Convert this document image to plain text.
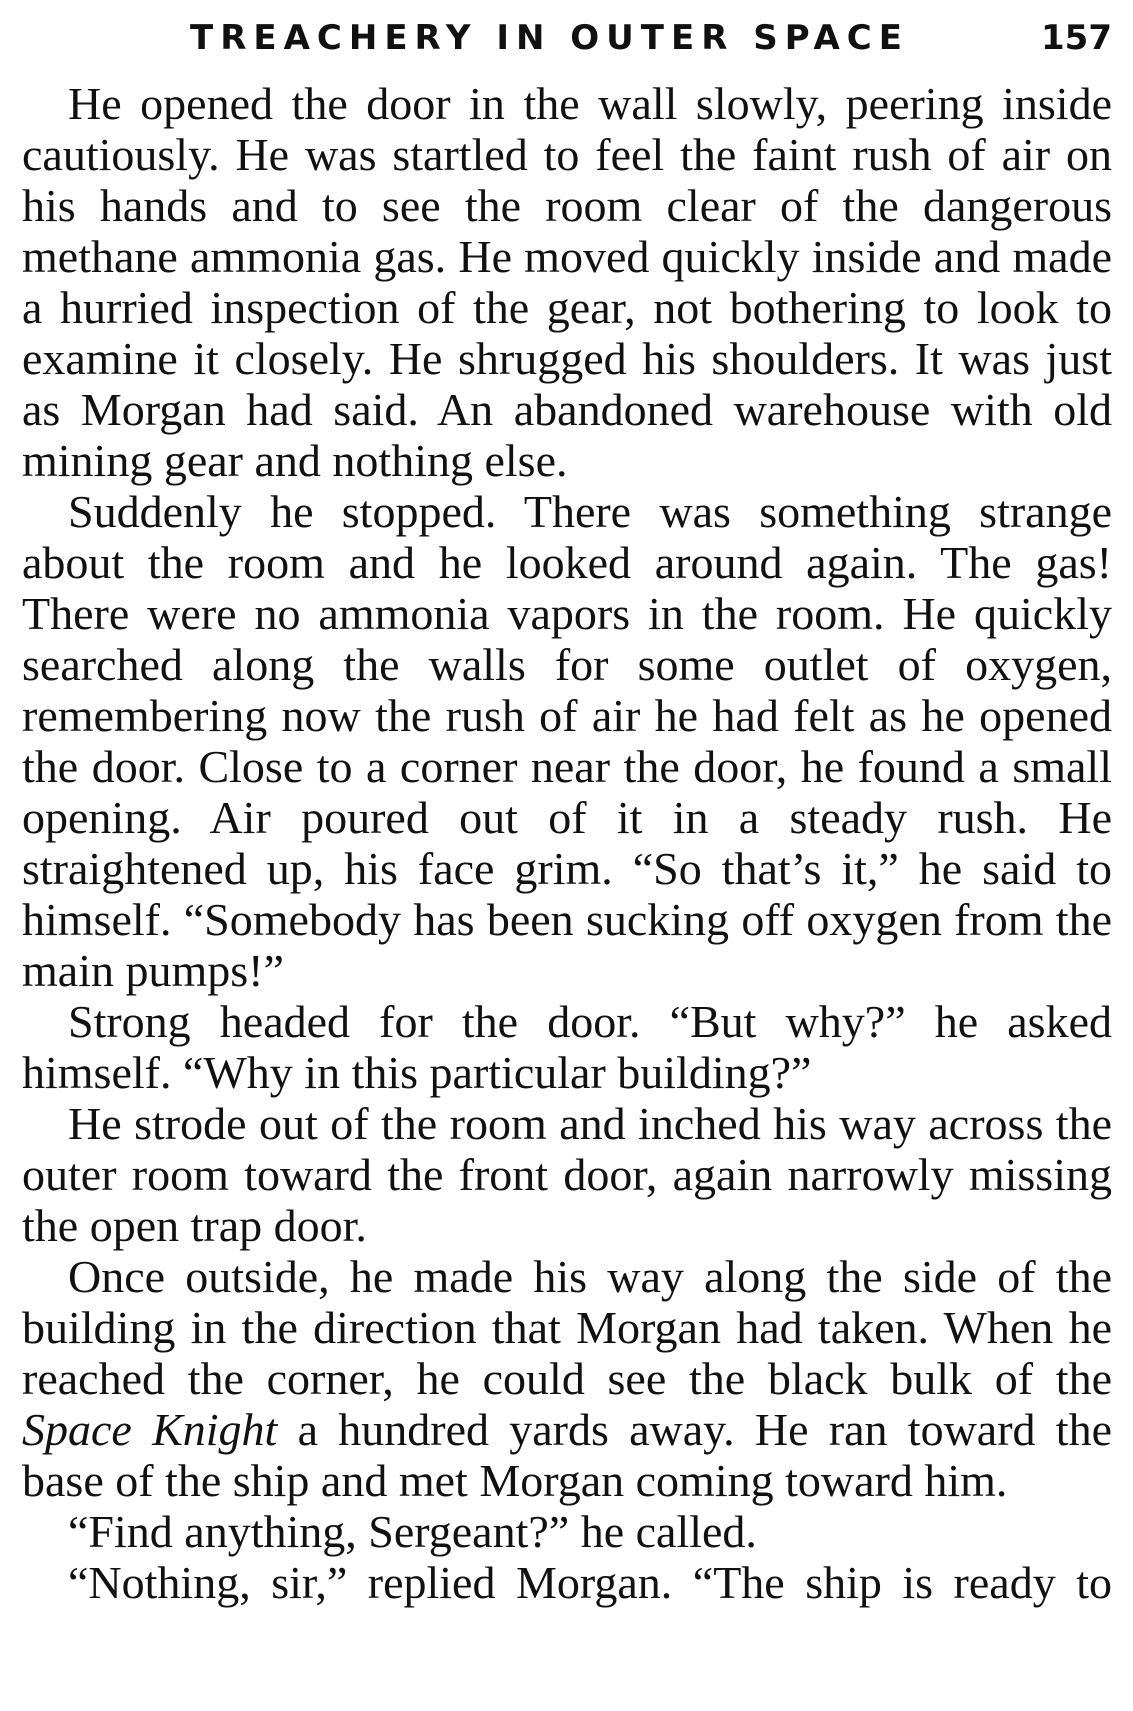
TREACHERY IN OUTER SPACE	157

He opened the door in the wall slowly, peering inside cautiously. He was startled to feel the faint rush of air on his hands and to see the room clear of the dangerous methane ammonia gas. He moved quickly inside and made a hurried inspection of the gear, not bothering to look to examine it closely. He shrugged his shoulders. It was just as Morgan had said. An abandoned warehouse with old mining gear and nothing else.

Suddenly he stopped. There was something strange about the room and he looked around again. The gas! There were no ammonia vapors in the room. He quickly searched along the walls for some outlet of oxygen, remembering now the rush of air he had felt as he opened the door. Close to a corner near the door, he found a small opening. Air poured out of it in a steady rush. He straightened up, his face grim. “So that’s it,” he said to himself. “Somebody has been sucking off oxygen from the main pumps!”

Strong headed for the door. “But why?” he asked himself. “Why in this particular building?”

He strode out of the room and inched his way across the outer room toward the front door, again narrowly missing the open trap door.

Once outside, he made his way along the side of the building in the direction that Morgan had taken. When he reached the corner, he could see the black bulk of the Space Knight a hundred yards away. He ran toward the base of the ship and met Morgan coming toward him.

“Find anything, Sergeant?” he called.

“Nothing, sir,” replied Morgan. “The ship is ready to
